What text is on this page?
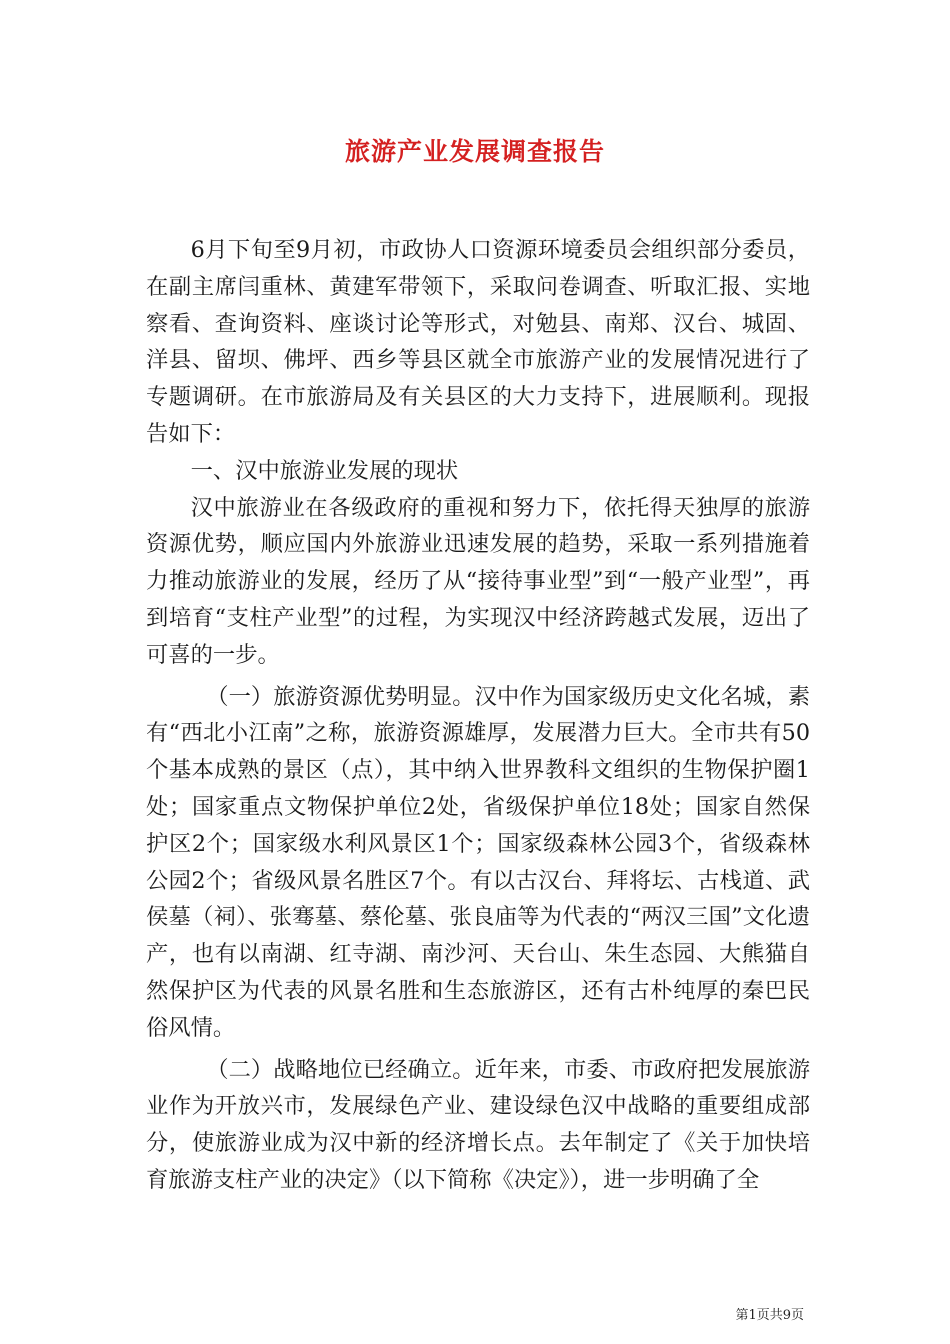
旅游产业发展调查报告

6月下旬至9月初，市政协人口资源环境委员会组织部分委员，在副主席闫重林、黄建军带领下，采取问卷调查、听取汇报、实地察看、查询资料、座谈讨论等形式，对勉县、南郑、汉台、城固、洋县、留坝、佛坪、西乡等县区就全市旅游产业的发展情况进行了专题调研。在市旅游局及有关县区的大力支持下，进展顺利。现报告如下：

一、汉中旅游业发展的现状

汉中旅游业在各级政府的重视和努力下，依托得天独厚的旅游资源优势，顺应国内外旅游业迅速发展的趋势，采取一系列措施着力推动旅游业的发展，经历了从“接待事业型”到“一般产业型”，再到培育“支柱产业型”的过程，为实现汉中经济跨越式发展，迈出了可喜的一步。

（一）旅游资源优势明显。汉中作为国家级历史文化名城，素有“西北小江南”之称，旅游资源雄厚，发展潜力巨大。全市共有50个基本成熟的景区（点），其中纳入世界教科文组织的生物保护圈1处；国家重点文物保护单位2处，省级保护单位18处；国家自然保护区2个；国家级水利风景区1个；国家级森林公园3个，省级森林公园2个；省级风景名胜区7个。有以古汉台、拜将坛、古栈道、武侯墓（祠）、张骞墓、蔡伦墓、张良庙等为代表的“两汉三国”文化遗产，也有以南湖、红寺湖、南沙河、天台山、朱生态园、大熊猫自然保护区为代表的风景名胜和生态旅游区，还有古朴纯厚的秦巴民俗风情。

（二）战略地位已经确立。近年来，市委、市政府把发展旅游业作为开放兴市，发展绿色产业、建设绿色汉中战略的重要组成部分，使旅游业成为汉中新的经济增长点。去年制定了《关于加快培育旅游支柱产业的决定》（以下简称《决定》），进一步明确了全

第1页共9页
